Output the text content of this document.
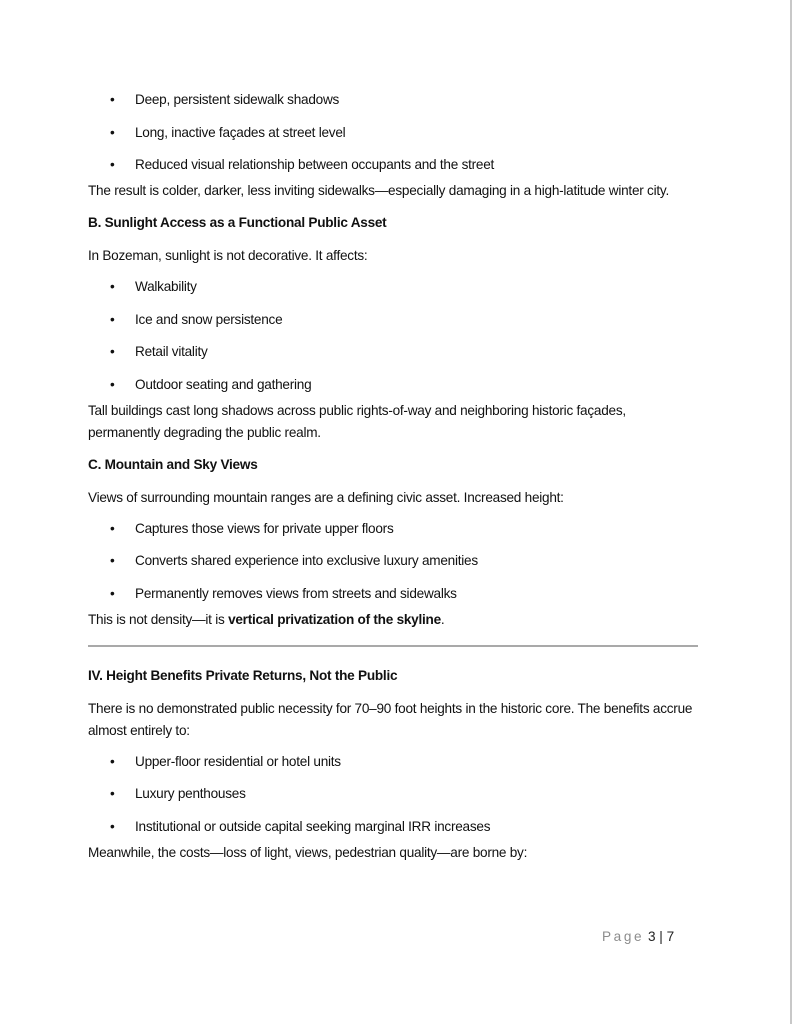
• Deep, persistent sidewalk shadows
• Long, inactive façades at street level
• Reduced visual relationship between occupants and the street

The result is colder, darker, less inviting sidewalks—especially damaging in a high-latitude winter city.

B. Sunlight Access as a Functional Public Asset

In Bozeman, sunlight is not decorative. It affects:

• Walkability
• Ice and snow persistence
• Retail vitality
• Outdoor seating and gathering

Tall buildings cast long shadows across public rights-of-way and neighboring historic façades, permanently degrading the public realm.

C. Mountain and Sky Views

Views of surrounding mountain ranges are a defining civic asset. Increased height:

• Captures those views for private upper floors
• Converts shared experience into exclusive luxury amenities
• Permanently removes views from streets and sidewalks

This is not density—it is vertical privatization of the skyline.

IV. Height Benefits Private Returns, Not the Public

There is no demonstrated public necessity for 70–90 foot heights in the historic core. The benefits accrue almost entirely to:

• Upper-floor residential or hotel units
• Luxury penthouses
• Institutional or outside capital seeking marginal IRR increases

Meanwhile, the costs—loss of light, views, pedestrian quality—are borne by:

Page 3 | 7
